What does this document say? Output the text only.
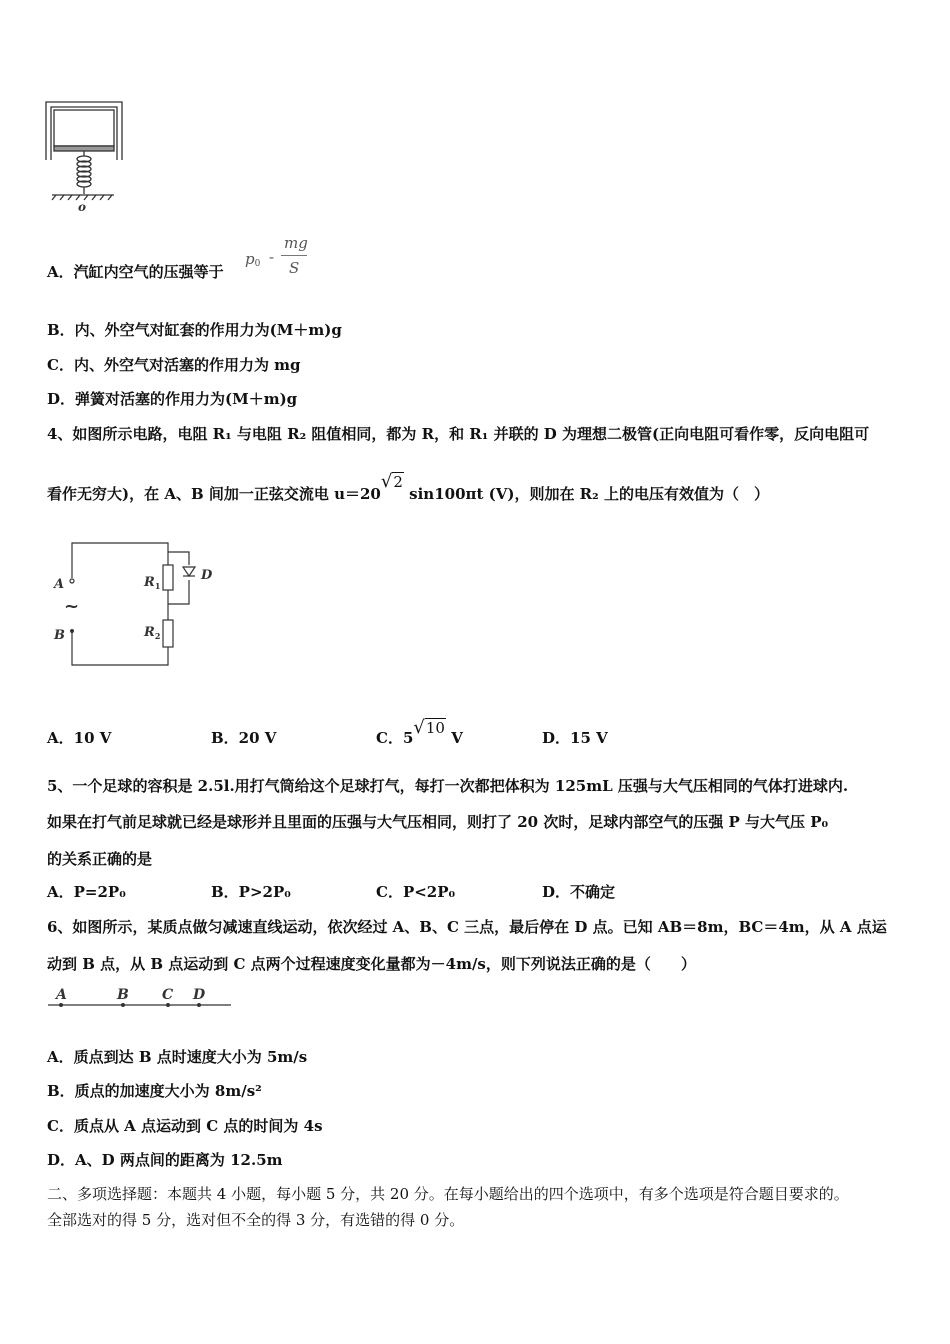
o
A．汽缸内空气的压强等于
$p_0$ -
mg
S
B．内、外空气对缸套的作用力为(M＋m)g
C．内、外空气对活塞的作用力为 mg
D．弹簧对活塞的作用力为(M＋m)g
4、如图所示电路，电阻 R₁ 与电阻 R₂ 阻值相同，都为 R，和 R₁ 并联的 D 为理想二极管(正向电阻可看作零，反向电阻可
看作无穷大)，在 A、B 间加一正弦交流电 u＝20√2 sin100πt (V)，则加在 R₂ 上的电压有效值为（　）
A
B
D
$R_1$
$R_2$
~
A．10 V	B．20 V	C．5√10 V	D．15 V
5、一个足球的容积是 2.5l.用打气筒给这个足球打气，每打一次都把体积为 125mL 压强与大气压相同的气体打进球内.
如果在打气前足球就已经是球形并且里面的压强与大气压相同，则打了 20 次时，足球内部空气的压强 P 与大气压 P₀
的关系正确的是
A．P=2P₀	B．P>2P₀	C．P<2P₀	D．不确定
6、如图所示，某质点做匀减速直线运动，依次经过 A、B、C 三点，最后停在 D 点。已知 AB＝8m，BC＝4m，从 A 点运
动到 B 点，从 B 点运动到 C 点两个过程速度变化量都为－4m/s，则下列说法正确的是（　　）
A	B C D
A．质点到达 B 点时速度大小为 5m/s
B．质点的加速度大小为 8m/s²
C．质点从 A 点运动到 C 点的时间为 4s
D．A、D 两点间的距离为 12.5m
二、多项选择题：本题共 4 小题，每小题 5 分，共 20 分。在每小题给出的四个选项中，有多个选项是符合题目要求的。
全部选对的得 5 分，选对但不全的得 3 分，有选错的得 0 分。
